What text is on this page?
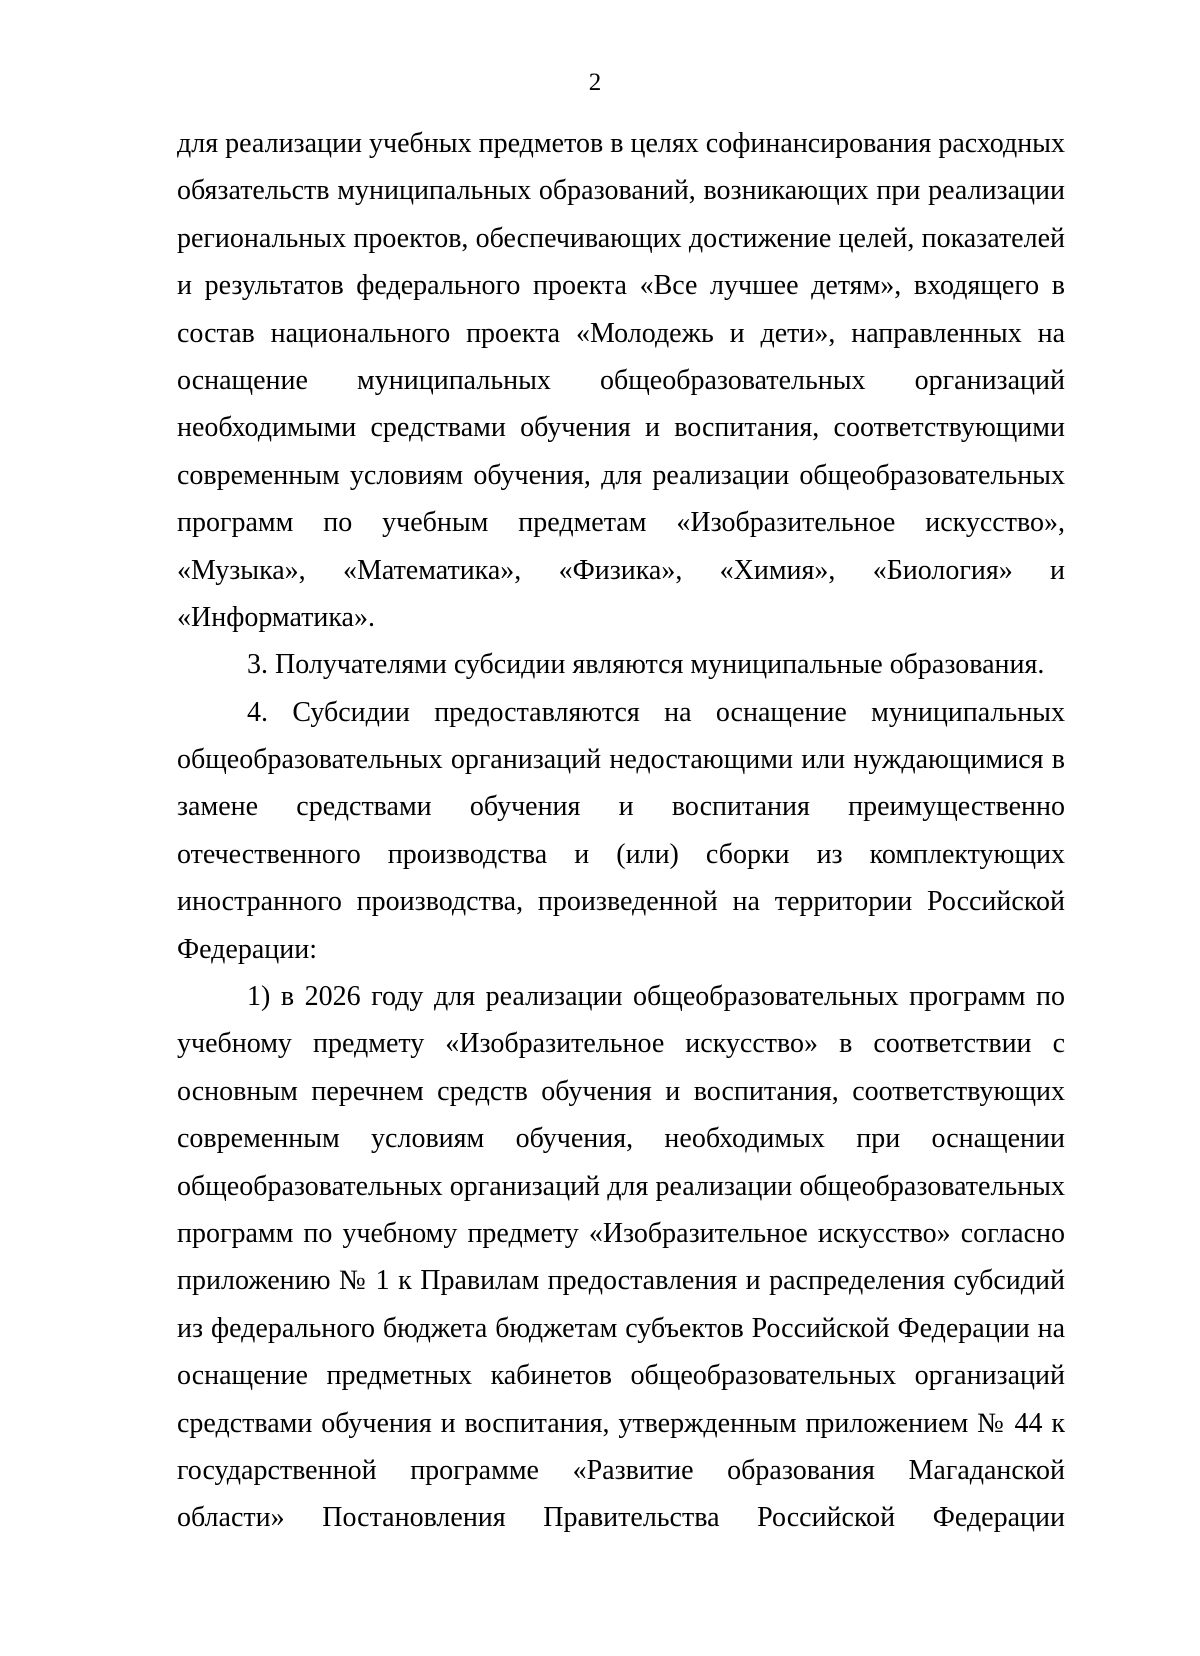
2
для реализации учебных предметов в целях софинансирования расходных
обязательств муниципальных образований, возникающих при реализации
региональных проектов, обеспечивающих достижение целей, показателей
и результатов федерального проекта «Все лучшее детям», входящего в
состав национального проекта «Молодежь и дети», направленных на
оснащение муниципальных общеобразовательных организаций
необходимыми средствами обучения и воспитания, соответствующими
современным условиям обучения, для реализации общеобразовательных
программ по учебным предметам «Изобразительное искусство»,
«Музыка», «Математика», «Физика», «Химия», «Биология» и
«Информатика».
3. Получателями субсидии являются муниципальные образования.
4. Субсидии предоставляются на оснащение муниципальных
общеобразовательных организаций недостающими или нуждающимися в
замене средствами обучения и воспитания преимущественно
отечественного производства и (или) сборки из комплектующих
иностранного производства, произведенной на территории Российской
Федерации:
1) в 2026 году для реализации общеобразовательных программ по
учебному предмету «Изобразительное искусство» в соответствии с
основным перечнем средств обучения и воспитания, соответствующих
современным условиям обучения, необходимых при оснащении
общеобразовательных организаций для реализации общеобразовательных
программ по учебному предмету «Изобразительное искусство» согласно
приложению № 1 к Правилам предоставления и распределения субсидий
из федерального бюджета бюджетам субъектов Российской Федерации на
оснащение предметных кабинетов общеобразовательных организаций
средствами обучения и воспитания, утвержденным приложением № 44 к
государственной программе «Развитие образования Магаданской
области» Постановления Правительства Российской Федерации
